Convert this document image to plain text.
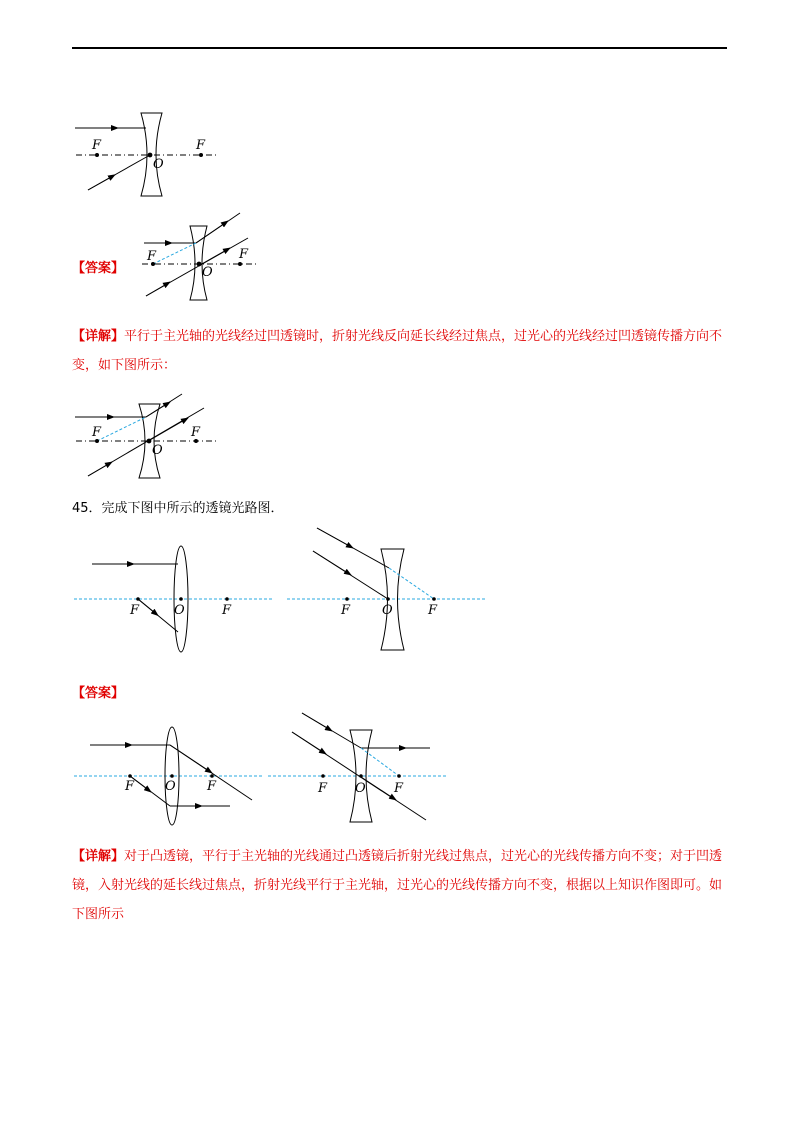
F
O
F
【答案】
F
O
F
【详解】平行于主光轴的光线经过凹透镜时，折射光线反向延长线经过焦点，过光心的光线经过凹透镜传播方向不变，如下图所示：
F
O
F
45．完成下图中所示的透镜光路图．
F	O	F	F O	F
【答案】
F O F	F O F
【详解】对于凸透镜，平行于主光轴的光线通过凸透镜后折射光线过焦点，过光心的光线传播方向不变；对于凹透镜，入射光线的延长线过焦点，折射光线平行于主光轴，过光心的光线传播方向不变，根据以上知识作图即可。如下图所示
